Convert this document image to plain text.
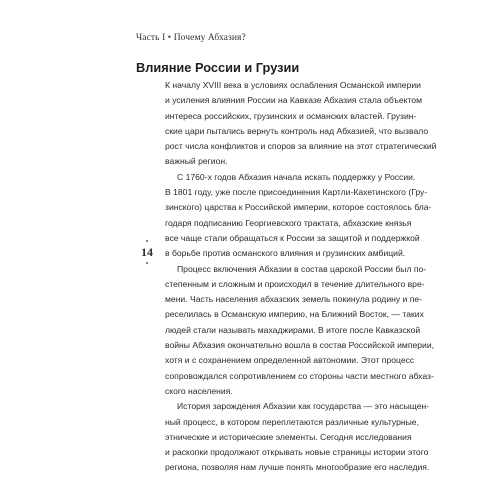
Часть I • Почему Абхазия?
Влияние России и Грузии
14
К началу XVIII века в условиях ослабления Османской империи
и усиления влияния России на Кавказе Абхазия стала объектом
интереса российских, грузинских и османских властей. Грузин-
ские цари пытались вернуть контроль над Абхазией, что вызвало
рост числа конфликтов и споров за влияние на этот стратегический
важный регион.
С 1760-х годов Абхазия начала искать поддержку у России.
В 1801 году, уже после присоединения Картли-Кахетинского (Гру-
зинского) царства к Российской империи, которое состоялось бла-
годаря подписанию Георгиевского трактата, абхазские князья
все чаще стали обращаться к России за защитой и поддержкой
в борьбе против османского влияния и грузинских амбиций.
Процесс включения Абхазии в состав царской России был по-
степенным и сложным и происходил в течение длительного вре-
мени. Часть населения абхазских земель покинула родину и пе-
реселилась в Османскую империю, на Ближний Восток, — таких
людей стали называть махаджирами. В итоге после Кавказской
войны Абхазия окончательно вошла в состав Российской империи,
хотя и с сохранением определенной автономии. Этот процесс
сопровождался сопротивлением со стороны части местного абхаз-
ского населения.
История зарождения Абхазии как государства — это насыщен-
ный процесс, в котором переплетаются различные культурные,
этнические и исторические элементы. Сегодня исследования
и раскопки продолжают открывать новые страницы истории этого
региона, позволяя нам лучше понять многообразие его наследия.
